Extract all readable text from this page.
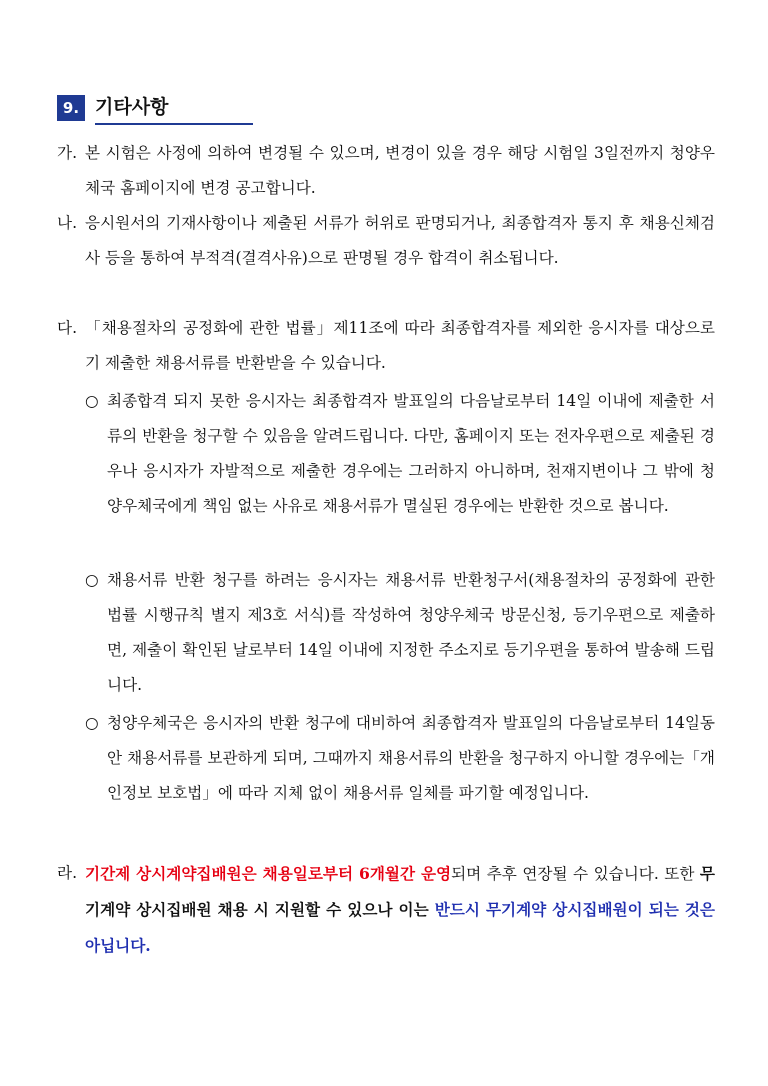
9. 기타사항
가. 본 시험은 사정에 의하여 변경될 수 있으며, 변경이 있을 경우 해당 시험일 3일전까지 청양우체국 홈페이지에 변경 공고합니다.
나. 응시원서의 기재사항이나 제출된 서류가 허위로 판명되거나, 최종합격자 통지 후 채용신체검사 등을 통하여 부적격(결격사유)으로 판명될 경우 합격이 취소됩니다.
다. 「채용절차의 공정화에 관한 법률」제11조에 따라 최종합격자를 제외한 응시자를 대상으로 기 제출한 채용서류를 반환받을 수 있습니다.
○ 최종합격 되지 못한 응시자는 최종합격자 발표일의 다음날로부터 14일 이내에 제출한 서류의 반환을 청구할 수 있음을 알려드립니다. 다만, 홈페이지 또는 전자우편으로 제출된 경우나 응시자가 자발적으로 제출한 경우에는 그러하지 아니하며, 천재지변이나 그 밖에 청양우체국에게 책임 없는 사유로 채용서류가 멸실된 경우에는 반환한 것으로 봅니다.
○ 채용서류 반환 청구를 하려는 응시자는 채용서류 반환청구서(채용절차의 공정화에 관한 법률 시행규칙 별지 제3호 서식)를 작성하여 청양우체국 방문신청, 등기우편으로 제출하면, 제출이 확인된 날로부터 14일 이내에 지정한 주소지로 등기우편을 통하여 발송해 드립니다.
○ 청양우체국은 응시자의 반환 청구에 대비하여 최종합격자 발표일의 다음날로부터 14일동안 채용서류를 보관하게 되며, 그때까지 채용서류의 반환을 청구하지 아니할 경우에는「개인정보 보호법」에 따라 지체 없이 채용서류 일체를 파기할 예정입니다.
라. 기간제 상시계약집배원은 채용일로부터 6개월간 운영되며 추후 연장될 수 있습니다. 또한 무기계약 상시집배원 채용 시 지원할 수 있으나 이는 반드시 무기계약 상시집배원이 되는 것은 아닙니다.
